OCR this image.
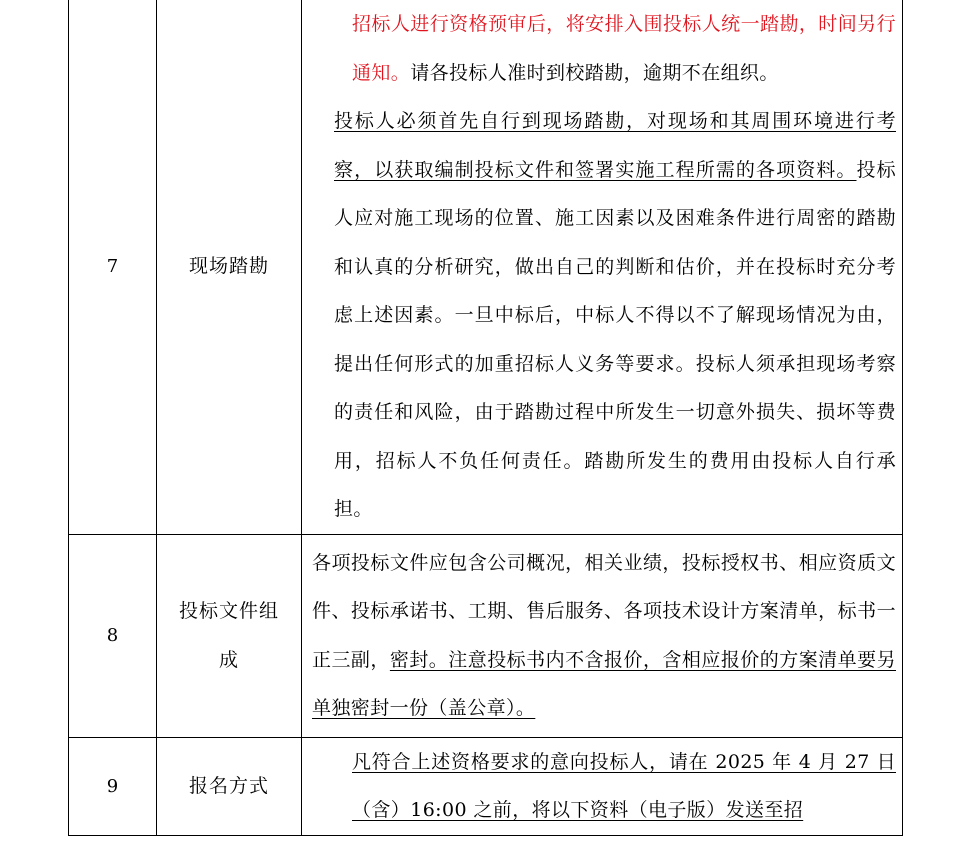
7	现场踏勘	招标人进行资格预审后，将安排入围投标人统一踏勘，时间另行通知。请各投标人准时到校踏勘，逾期不在组织。
投标人必须首先自行到现场踏勘，对现场和其周围环境进行考察，以获取编制投标文件和签署实施工程所需的各项资料。投标人应对施工现场的位置、施工因素以及困难条件进行周密的踏勘和认真的分析研究，做出自己的判断和估价，并在投标时充分考虑上述因素。一旦中标后，中标人不得以不了解现场情况为由，提出任何形式的加重招标人义务等要求。投标人须承担现场考察的责任和风险，由于踏勘过程中所发生一切意外损失、损坏等费用，招标人不负任何责任。踏勘所发生的费用由投标人自行承担。

8	投标文件组成	各项投标文件应包含公司概况，相关业绩，投标授权书、相应资质文件、投标承诺书、工期、售后服务、各项技术设计方案清单，标书一正三副，密封。注意投标书内不含报价，含相应报价的方案清单要另单独密封一份（盖公章）。

9	报名方式	凡符合上述资格要求的意向投标人，请在 2025 年 4 月 27 日（含）16:00 之前，将以下资料（电子版）发送至招
